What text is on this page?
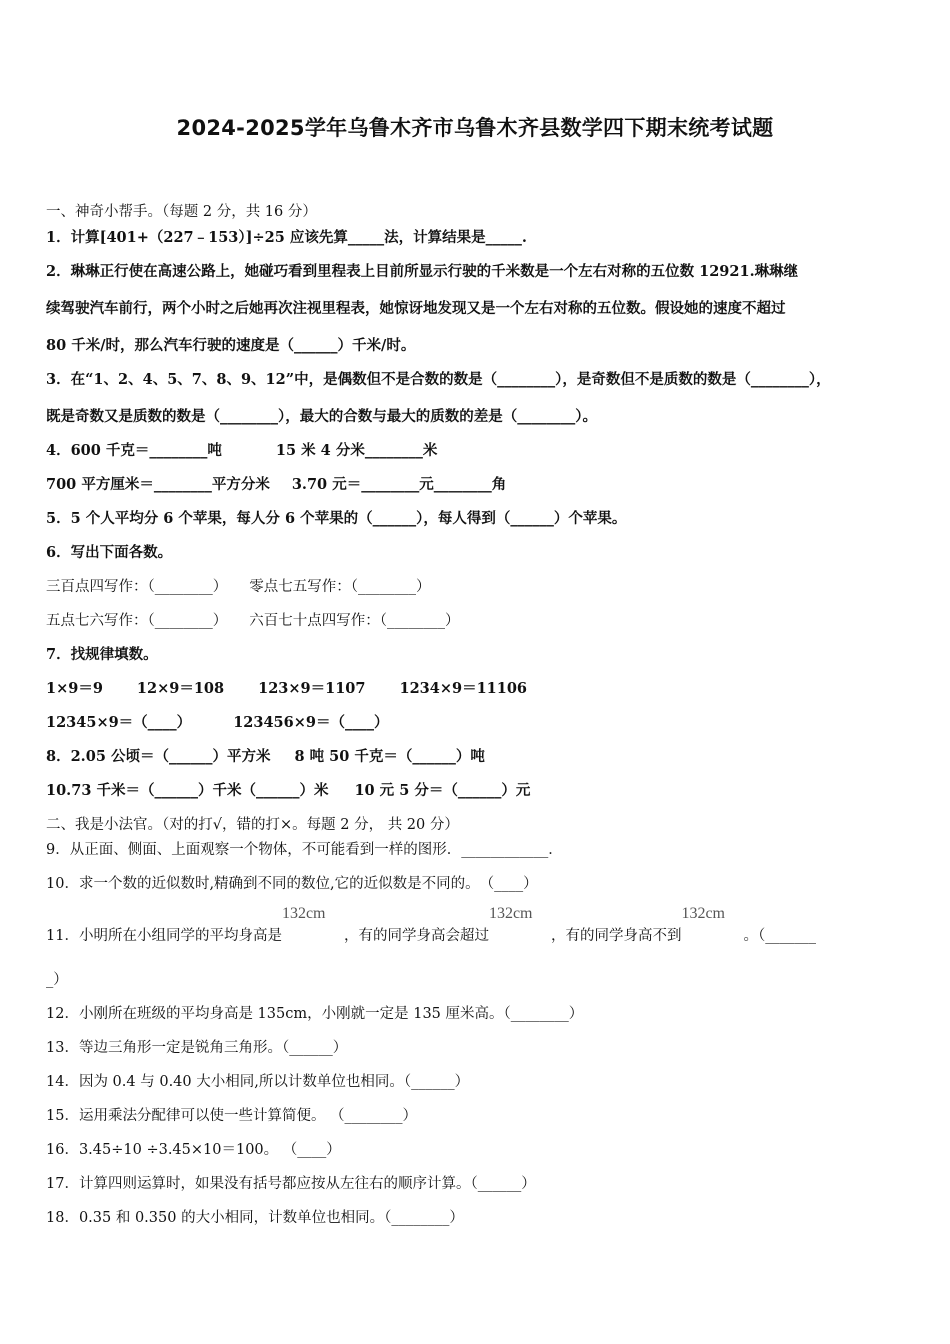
2024-2025学年乌鲁木齐市乌鲁木齐县数学四下期末统考试题
一、神奇小帮手。（每题 2 分，共 16 分）
1．计算[401+（227﹣153）]÷25 应该先算_____法，计算结果是_____.
2．琳琳正行使在高速公路上，她碰巧看到里程表上目前所显示行驶的千米数是一个左右对称的五位数 12921.琳琳继
续驾驶汽车前行，两个小时之后她再次注视里程表，她惊讶地发现又是一个左右对称的五位数。假设她的速度不超过
80 千米/时，那么汽车行驶的速度是（______）千米/时。
3．在“1、2、4、5、7、8、9、12”中，是偶数但不是合数的数是（________），是奇数但不是质数的数是（________），
既是奇数又是质数的数是（________），最大的合数与最大的质数的差是（________）。
4．600 千克＝________吨	15 米 4 分米________米
700 平方厘米＝________平方分米 3.70 元＝________元________角
5．5 个人平均分 6 个苹果，每人分 6 个苹果的（______），每人得到（______）个苹果。
6．写出下面各数。
三百点四写作：（________） 零点七五写作：（________）
五点七六写作：（________） 六百七十点四写作：（________）
7．找规律填数。
1×9＝9 12×9＝108 123×9＝1107 1234×9＝11106
12345×9＝（____）	123456×9＝（____）
8．2.05 公顷＝（______）平方米 8 吨 50 千克＝（______）吨
10.73 千米＝（______）千米（______）米 10 元 5 分＝（______）元
二、我是小法官。（对的打√，错的打×。每题 2 分， 共 20 分）
9．从正面、侧面、上面观察一个物体，不可能看到一样的图形．____________．
10．求一个数的近似数时,精确到不同的数位,它的近似数是不同的。　（____）
11．小明所在小组同学的平均身高是
132cm
，有的同学身高会超过
132cm
，有的同学身高不到
132cm
。（_______
_）
12．小刚所在班级的平均身高是 135cm，小刚就一定是 135 厘米高。（________）
13．等边三角形一定是锐角三角形。（______）
14．因为 0.4 与 0.40 大小相同,所以计数单位也相同。（______）
15．运用乘法分配律可以使一些计算简便。 （________）
16．3.45÷10 ÷3.45×10＝100。 （____）
17．计算四则运算时，如果没有括号都应按从左往右的顺序计算。（______）
18．0.35 和 0.350 的大小相同，计数单位也相同。（________）
